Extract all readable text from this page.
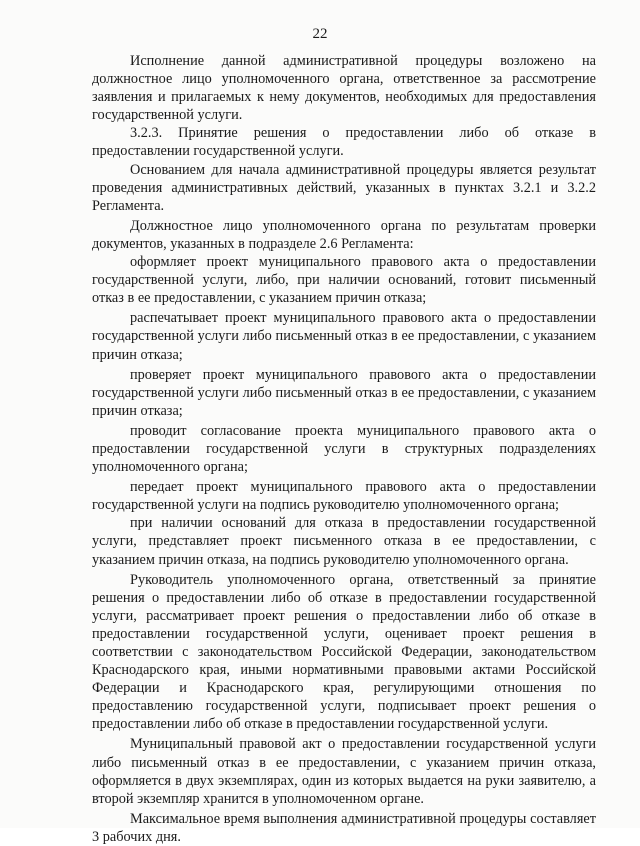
22

Исполнение данной административной процедуры возложено на должностное лицо уполномоченного органа, ответственное за рассмотрение заявления и прилагаемых к нему документов, необходимых для предоставления государственной услуги.

3.2.3. Принятие решения о предоставлении либо об отказе в предоставлении государственной услуги.

Основанием для начала административной процедуры является результат проведения административных действий, указанных в пунктах 3.2.1 и 3.2.2 Регламента.

Должностное лицо уполномоченного органа по результатам проверки документов, указанных в подразделе 2.6 Регламента:

оформляет проект муниципального правового акта о предоставлении государственной услуги, либо, при наличии оснований, готовит письменный отказ в ее предоставлении, с указанием причин отказа;

распечатывает проект муниципального правового акта о предоставлении государственной услуги либо письменный отказ в ее предоставлении, с указанием причин отказа;

проверяет проект муниципального правового акта о предоставлении государственной услуги либо письменный отказ в ее предоставлении, с указанием причин отказа;

проводит согласование проекта муниципального правового акта о предоставлении государственной услуги в структурных подразделениях уполномоченного органа;

передает проект муниципального правового акта о предоставлении государственной услуги на подпись руководителю уполномоченного органа;

при наличии оснований для отказа в предоставлении государственной услуги, представляет проект письменного отказа в ее предоставлении, с указанием причин отказа, на подпись руководителю уполномоченного органа.

Руководитель уполномоченного органа, ответственный за принятие решения о предоставлении либо об отказе в предоставлении государственной услуги, рассматривает проект решения о предоставлении либо об отказе в предоставлении государственной услуги, оценивает проект решения в соответствии с законодательством Российской Федерации, законодательством Краснодарского края, иными нормативными правовыми актами Российской Федерации и Краснодарского края, регулирующими отношения по предоставлению государственной услуги, подписывает проект решения о предоставлении либо об отказе в предоставлении государственной услуги.

Муниципальный правовой акт о предоставлении государственной услуги либо письменный отказ в ее предоставлении, с указанием причин отказа, оформляется в двух экземплярах, один из которых выдается на руки заявителю, а второй экземпляр хранится в уполномоченном органе.

Максимальное время выполнения административной процедуры составляет 3 рабочих дня.
